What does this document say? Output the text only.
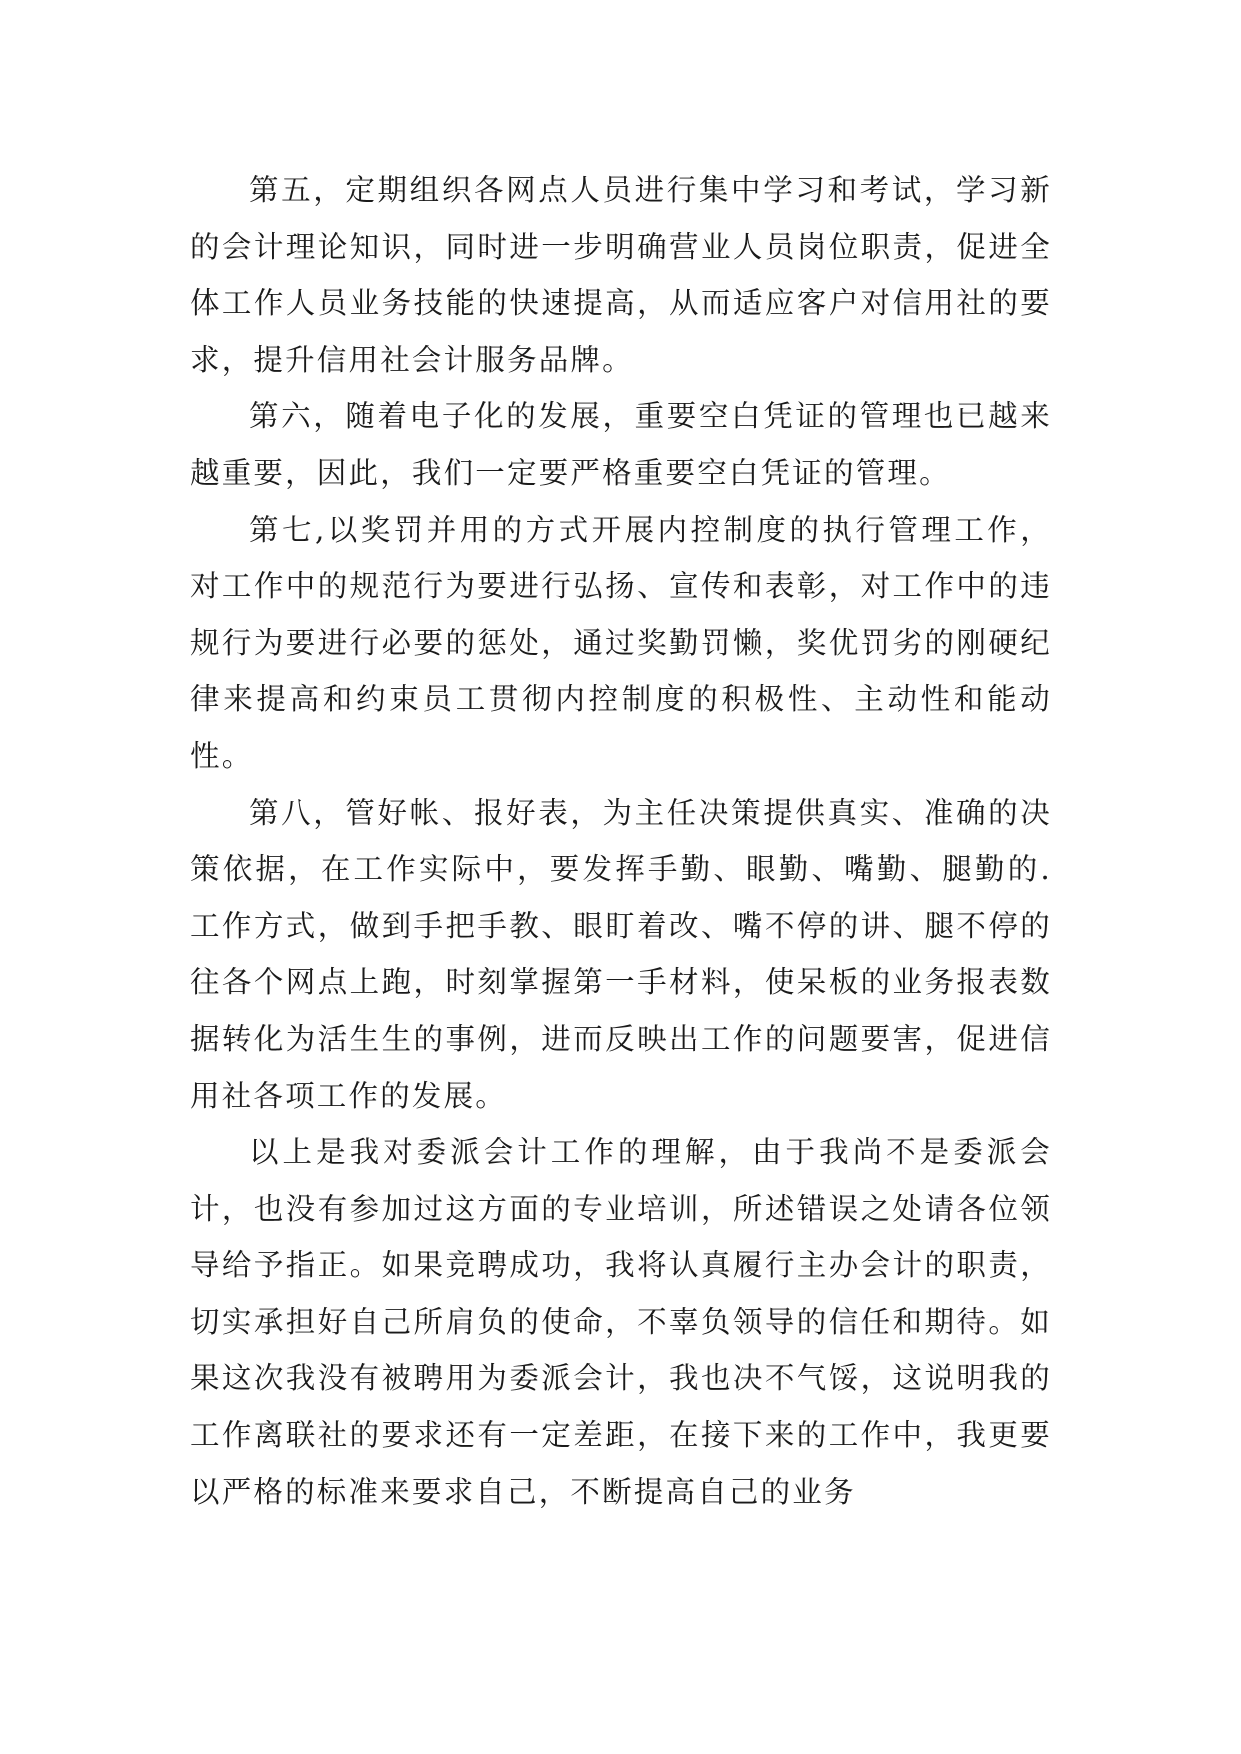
第五，定期组织各网点人员进行集中学习和考试，学习新的会计理论知识，同时进一步明确营业人员岗位职责，促进全体工作人员业务技能的快速提高，从而适应客户对信用社的要求，提升信用社会计服务品牌。

第六，随着电子化的发展，重要空白凭证的管理也已越来越重要，因此，我们一定要严格重要空白凭证的管理。

第七,以奖罚并用的方式开展内控制度的执行管理工作，对工作中的规范行为要进行弘扬、宣传和表彰，对工作中的违规行为要进行必要的惩处，通过奖勤罚懒，奖优罚劣的刚硬纪律来提高和约束员工贯彻内控制度的积极性、主动性和能动性。

第八，管好帐、报好表，为主任决策提供真实、准确的决策依据，在工作实际中，要发挥手勤、眼勤、嘴勤、腿勤的.工作方式，做到手把手教、眼盯着改、嘴不停的讲、腿不停的往各个网点上跑，时刻掌握第一手材料，使呆板的业务报表数据转化为活生生的事例，进而反映出工作的问题要害，促进信用社各项工作的发展。

以上是我对委派会计工作的理解，由于我尚不是委派会计，也没有参加过这方面的专业培训，所述错误之处请各位领导给予指正。如果竞聘成功，我将认真履行主办会计的职责，切实承担好自己所肩负的使命，不辜负领导的信任和期待。如果这次我没有被聘用为委派会计，我也决不气馁，这说明我的工作离联社的要求还有一定差距，在接下来的工作中，我更要以严格的标准来要求自己，不断提高自己的业务
